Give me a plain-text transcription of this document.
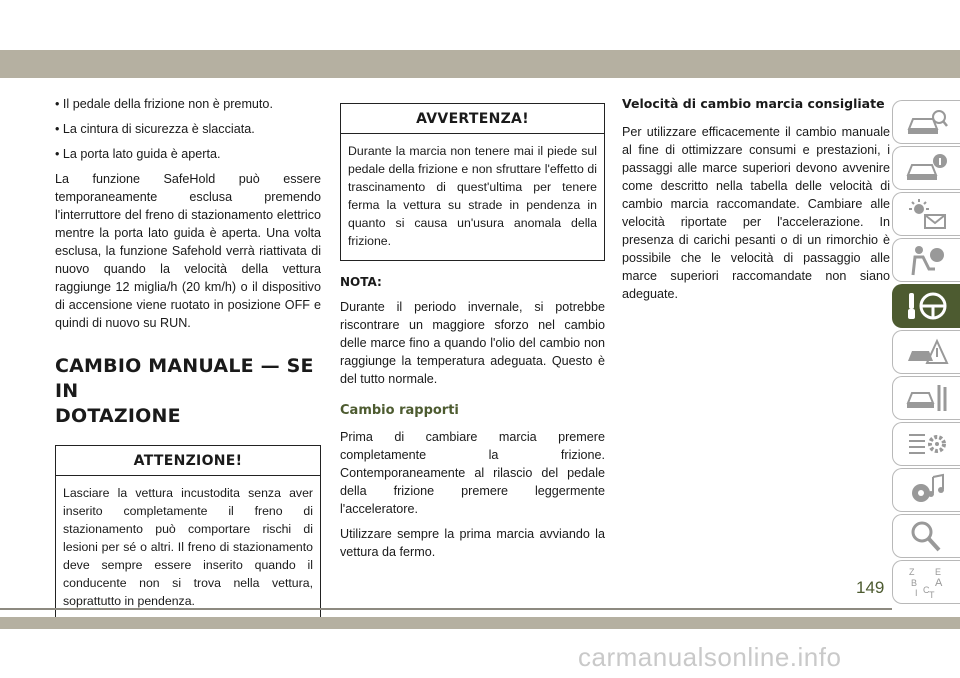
• Il pedale della frizione non è premuto.

• La cintura di sicurezza è slacciata.

• La porta lato guida è aperta.

La funzione SafeHold può essere temporaneamente esclusa premendo l'interruttore del freno di stazionamento elettrico mentre la porta lato guida è aperta. Una volta esclusa, la funzione Safehold verrà riattivata di nuovo quando la velocità della vettura raggiunge 12 miglia/h (20 km/h) o il dispositivo di accensione viene ruotato in posizione OFF e quindi di nuovo su RUN.

CAMBIO MANUALE — SE IN
DOTAZIONE
ATTENZIONE!
Lasciare la vettura incustodita senza aver inserito completamente il freno di stazionamento può comportare rischi di lesioni per sé o altri. Il freno di stazionamento deve sempre essere inserito quando il conducente non si trova nella vettura, soprattutto in pendenza.
AVVERTENZA!
Durante la marcia non tenere mai il piede sul pedale della frizione e non sfruttare l'effetto di trascinamento di quest'ultima per tenere ferma la vettura su strade in pendenza in quanto si causa un'usura anomala della frizione.

NOTA:

Durante il periodo invernale, si potrebbe riscontrare un maggiore sforzo nel cambio delle marce fino a quando l'olio del cambio non raggiunge la temperatura adeguata. Questo è del tutto normale.

Cambio rapporti

Prima di cambiare marcia premere completamente la frizione. Contemporaneamente al rilascio del pedale della frizione premere leggermente l'acceleratore.

Utilizzare sempre la prima marcia avviando la vettura da fermo.

Velocità di cambio marcia consigliate

Per utilizzare efficacemente il cambio manuale al fine di ottimizzare consumi e prestazioni, i passaggi alle marce superiori devono avvenire come descritto nella tabella delle velocità di cambio marcia raccomandate. Cambiare alle velocità riportate per l'accelerazione. In presenza di carichi pesanti o di un rimorchio è possibile che le velocità di passaggio alle marce superiori raccomandate non siano adeguate.

Z E
B A
I C T
149
carmanualsonline.info
